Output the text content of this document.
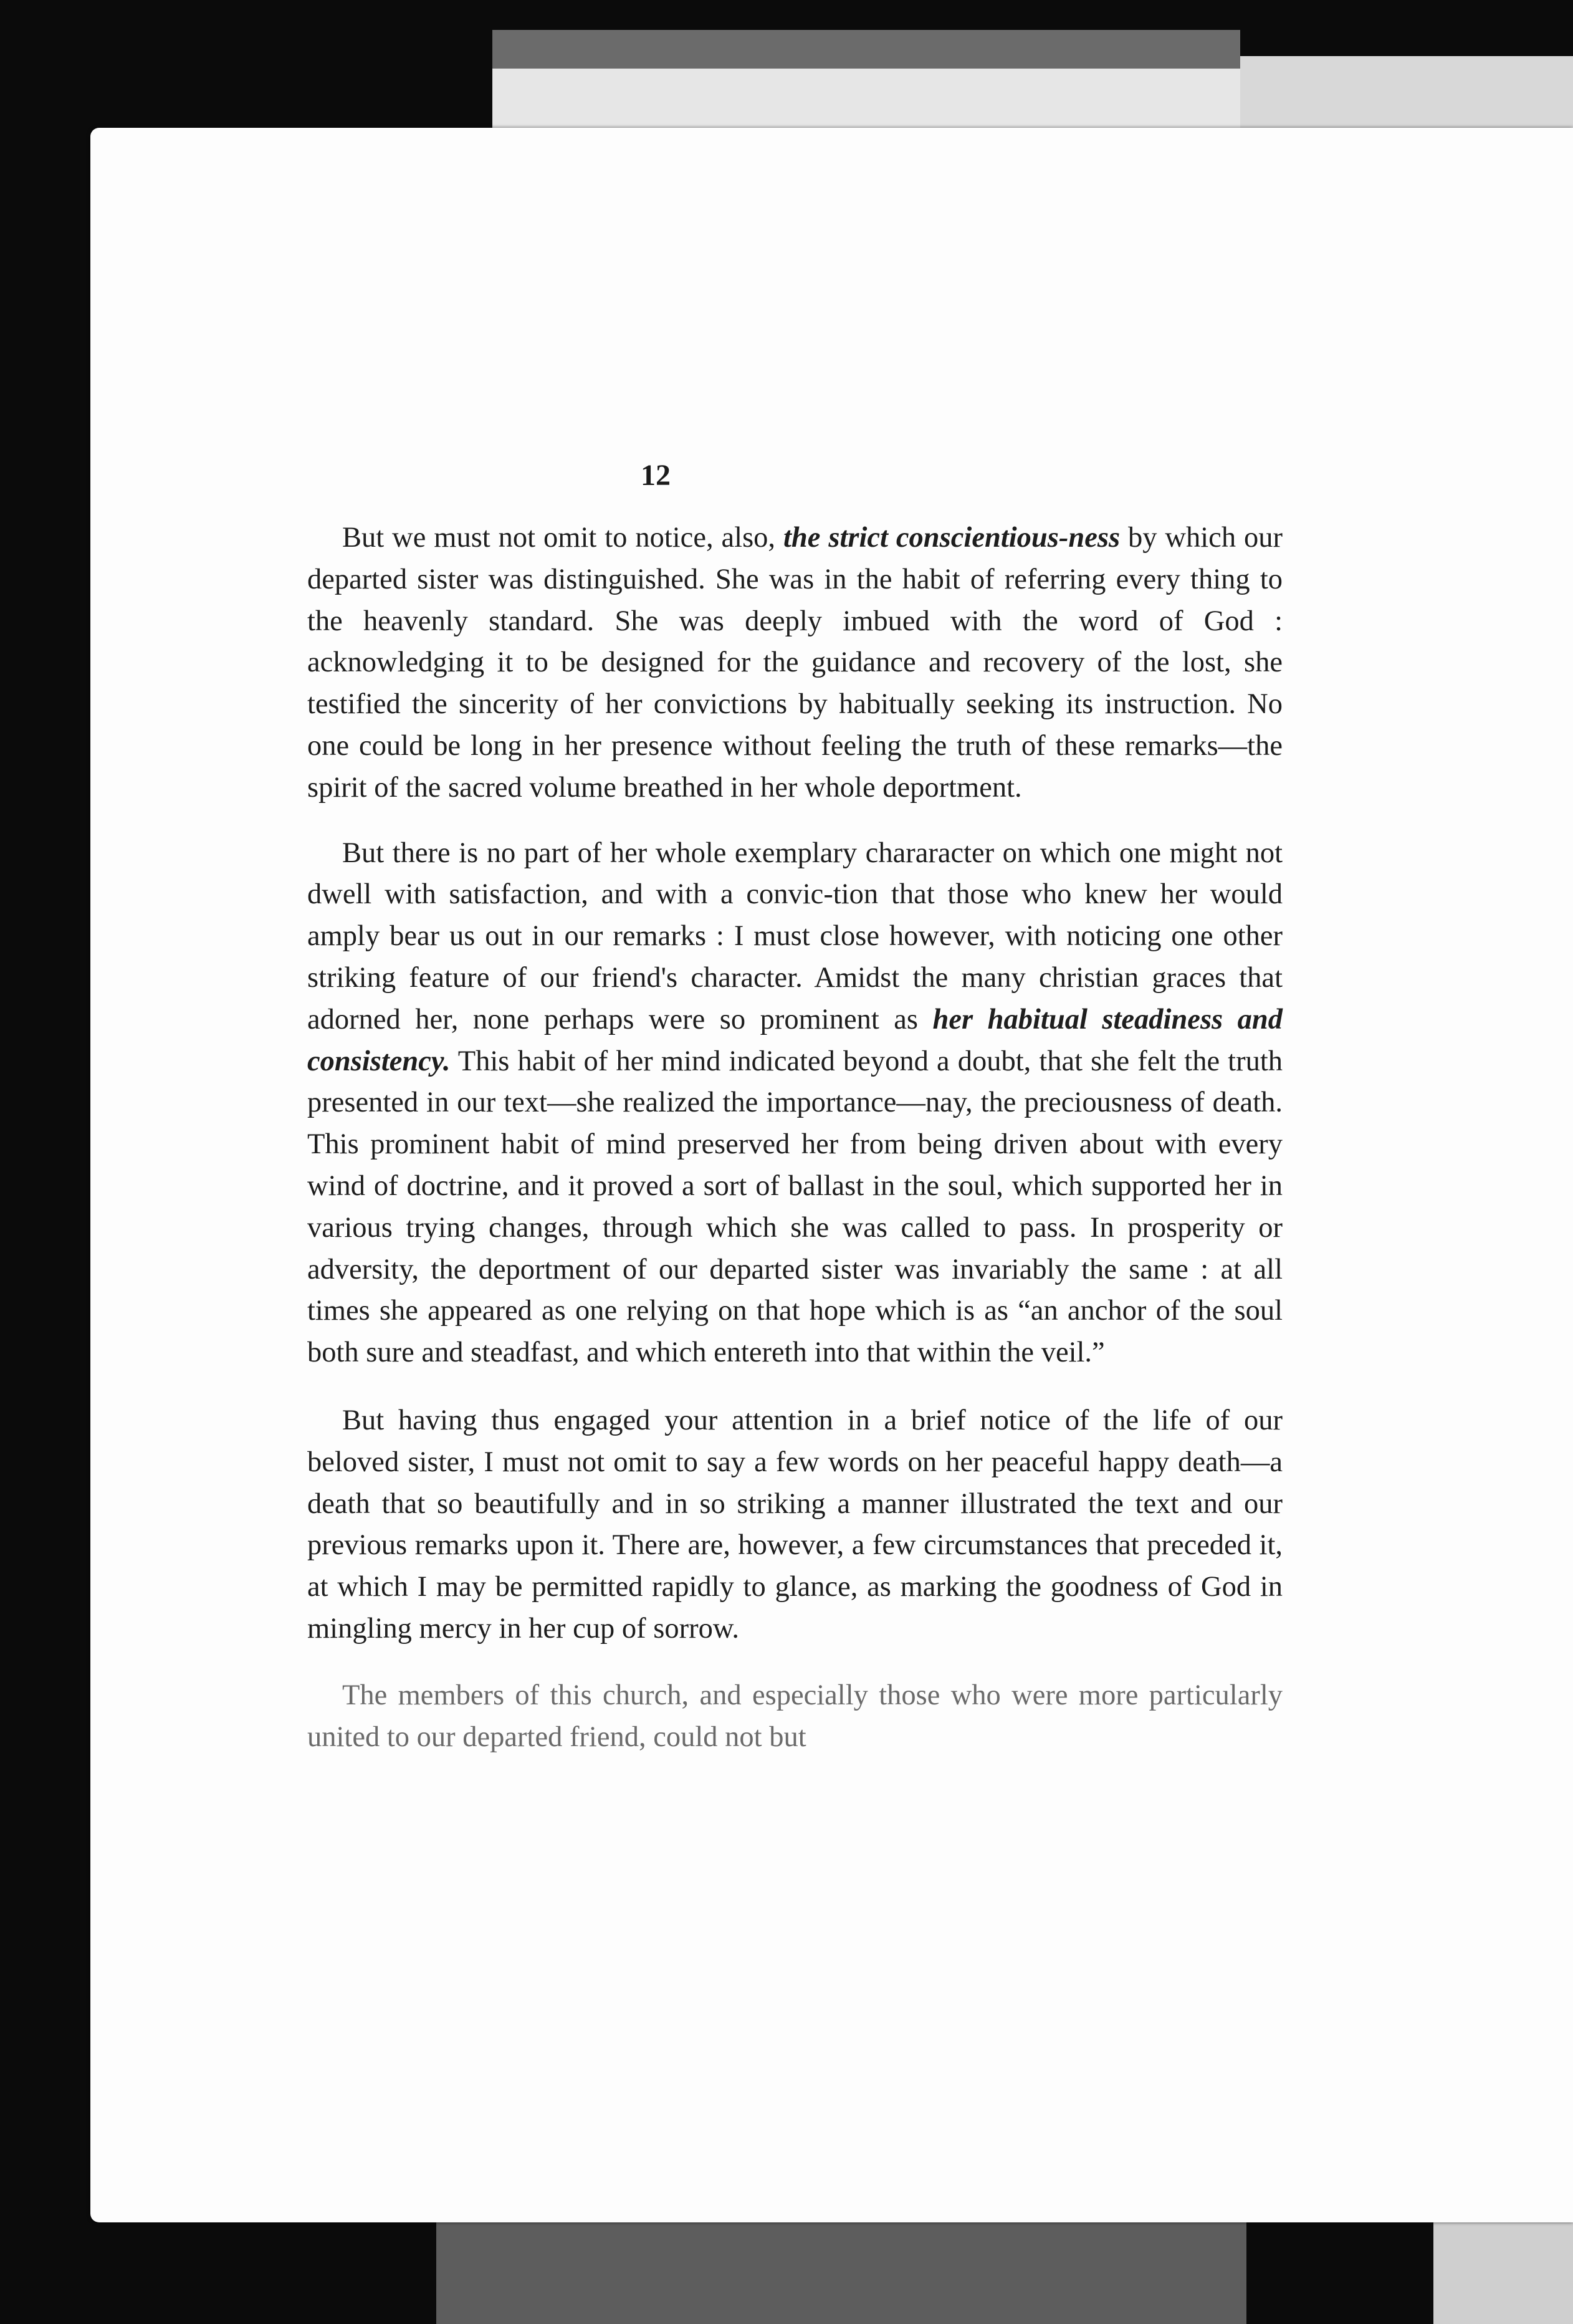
12

But we must not omit to notice, also, the strict conscientious-ness by which our departed sister was distinguished. She was in the habit of referring every thing to the heavenly standard. She was deeply imbued with the word of God : acknowledging it to be designed for the guidance and recovery of the lost, she testified the sincerity of her convictions by habitually seeking its instruction. No one could be long in her presence without feeling the truth of these remarks—the spirit of the sacred volume breathed in her whole deportment.

But there is no part of her whole exemplary chararacter on which one might not dwell with satisfaction, and with a convic-tion that those who knew her would amply bear us out in our remarks : I must close however, with noticing one other striking feature of our friend's character. Amidst the many christian graces that adorned her, none perhaps were so prominent as her habitual steadiness and consistency. This habit of her mind indicated beyond a doubt, that she felt the truth presented in our text—she realized the importance—nay, the preciousness of death. This prominent habit of mind preserved her from being driven about with every wind of doctrine, and it proved a sort of ballast in the soul, which supported her in various trying changes, through which she was called to pass. In prosperity or adversity, the deportment of our departed sister was invariably the same : at all times she appeared as one relying on that hope which is as “an anchor of the soul both sure and steadfast, and which entereth into that within the veil.”

But having thus engaged your attention in a brief notice of the life of our beloved sister, I must not omit to say a few words on her peaceful happy death—a death that so beautifully and in so striking a manner illustrated the text and our previous remarks upon it. There are, however, a few circumstances that preceded it, at which I may be permitted rapidly to glance, as marking the goodness of God in mingling mercy in her cup of sorrow.

The members of this church, and especially those who were more particularly united to our departed friend, could not but
